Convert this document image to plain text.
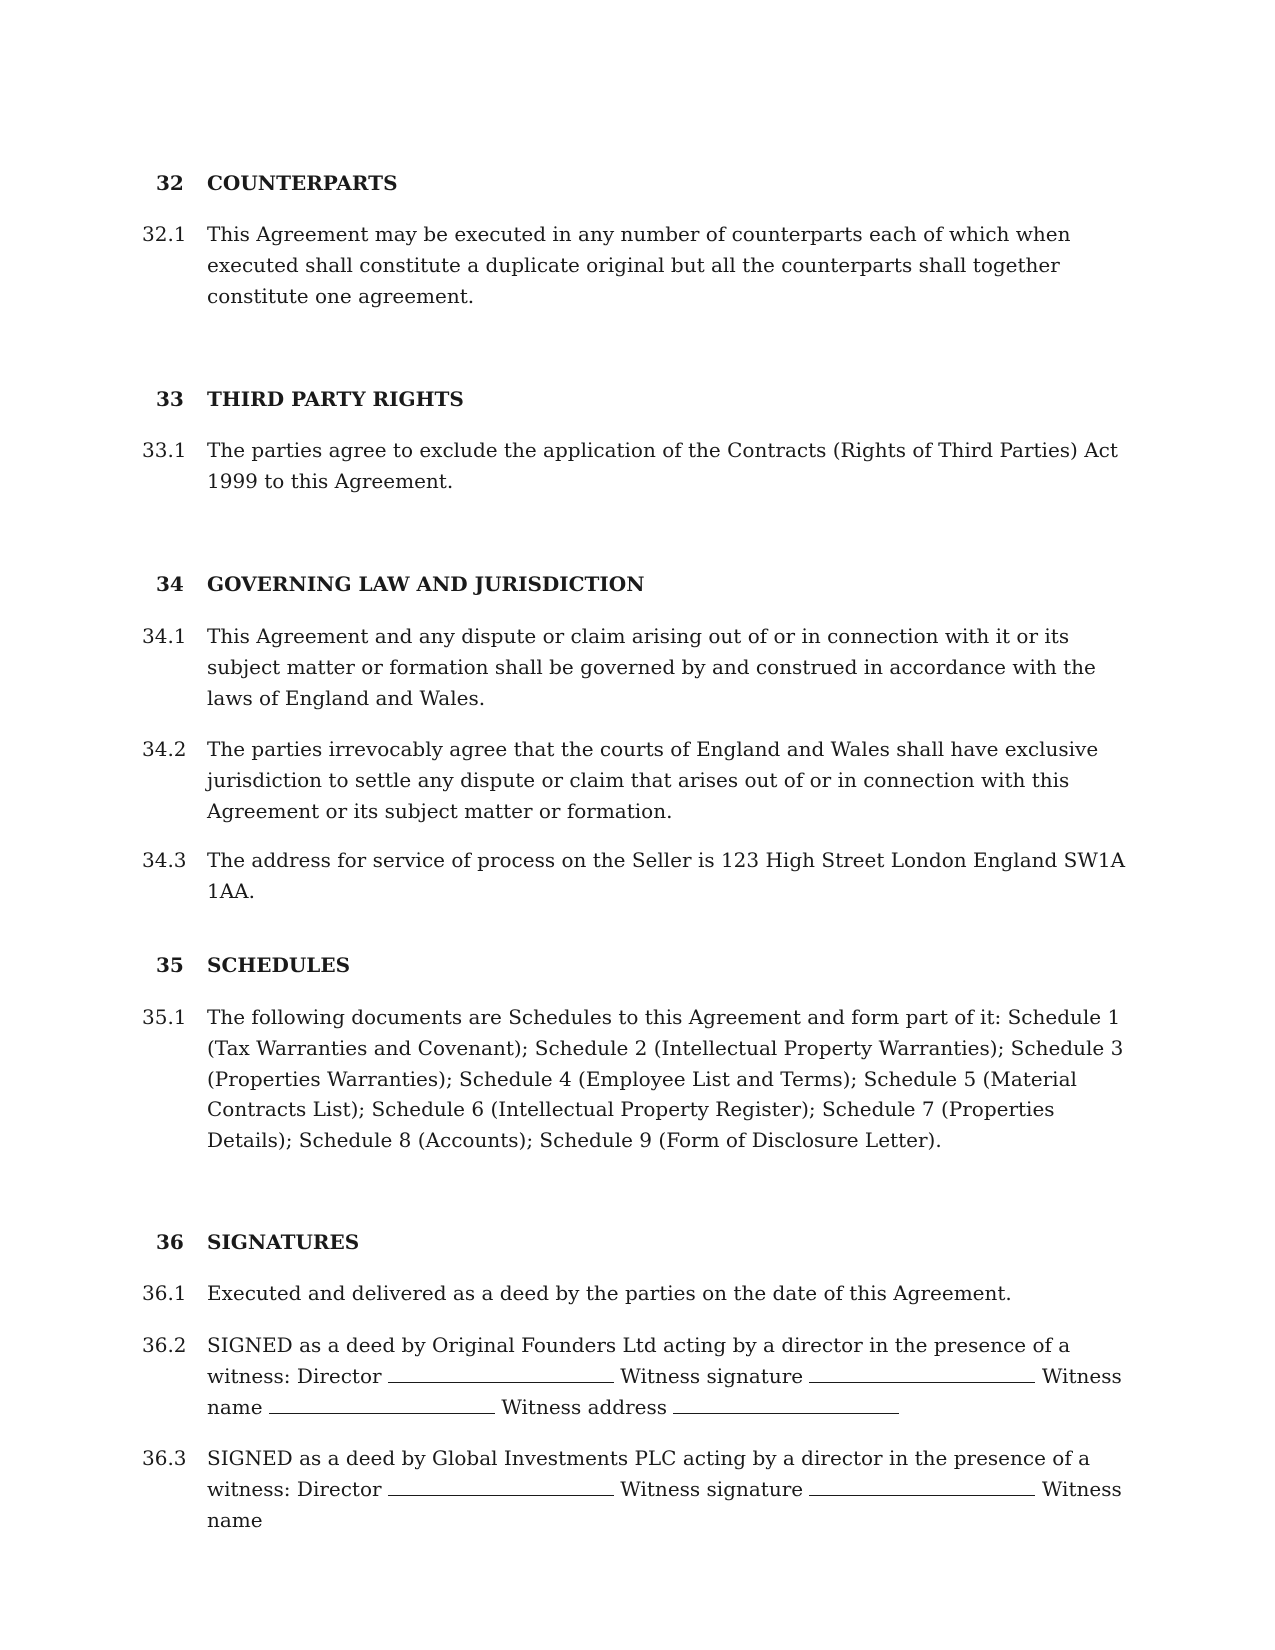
32 COUNTERPARTS
32.1 This Agreement may be executed in any number of counterparts each of which when executed shall constitute a duplicate original but all the counterparts shall together constitute one agreement.

33 THIRD PARTY RIGHTS
33.1 The parties agree to exclude the application of the Contracts (Rights of Third Parties) Act 1999 to this Agreement.

34 GOVERNING LAW AND JURISDICTION
34.1 This Agreement and any dispute or claim arising out of or in connection with it or its subject matter or formation shall be governed by and construed in accordance with the laws of England and Wales.

34.2 The parties irrevocably agree that the courts of England and Wales shall have exclusive jurisdiction to settle any dispute or claim that arises out of or in connection with this Agreement or its subject matter or formation.

34.3 The address for service of process on the Seller is 123 High Street London England SW1A 1AA.

35 SCHEDULES
35.1 The following documents are Schedules to this Agreement and form part of it: Schedule 1 (Tax Warranties and Covenant); Schedule 2 (Intellectual Property Warranties); Schedule 3 (Properties Warranties); Schedule 4 (Employee List and Terms); Schedule 5 (Material Contracts List); Schedule 6 (Intellectual Property Register); Schedule 7 (Properties Details); Schedule 8 (Accounts); Schedule 9 (Form of Disclosure Letter).

36 SIGNATURES
36.1 Executed and delivered as a deed by the parties on the date of this Agreement.

36.2 SIGNED as a deed by Original Founders Ltd acting by a director in the presence of a witness: Director	Witness signature	Witness name	Witness address

36.3 SIGNED as a deed by Global Investments PLC acting by a director in the presence of a witness: Director	Witness signature	Witness name
